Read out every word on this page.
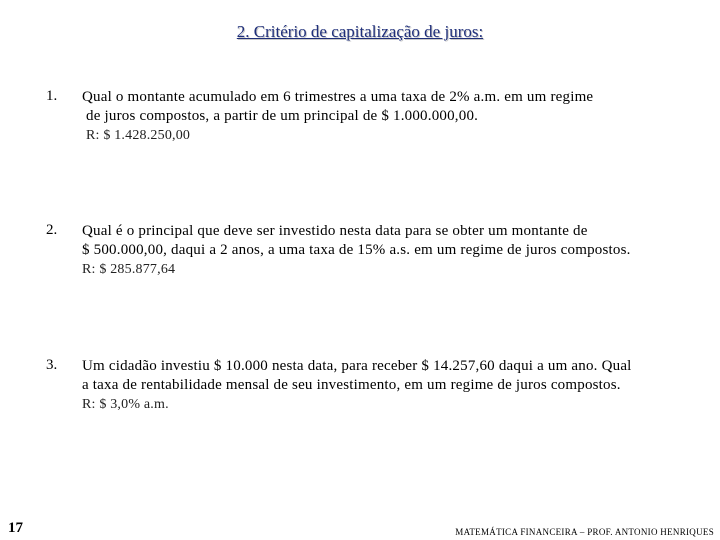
2. Critério de capitalização de juros:
1. Qual o montante acumulado em 6 trimestres a uma taxa de 2% a.m. em um regime
de juros compostos, a partir de um principal de $ 1.000.000,00.
R: $ 1.428.250,00
2. Qual é o principal que deve ser investido nesta data para se obter um montante de
$ 500.000,00, daqui a 2 anos, a uma taxa de 15% a.s. em um regime de juros compostos.
R: $ 285.877,64
3. Um cidadão investiu $ 10.000 nesta data, para receber $ 14.257,60 daqui a um ano. Qual
a taxa de rentabilidade mensal de seu investimento, em um regime de juros compostos.
R: $ 3,0% a.m.
17	MATEMÁTICA FINANCEIRA – PROF. ANTONIO HENRIQUES
